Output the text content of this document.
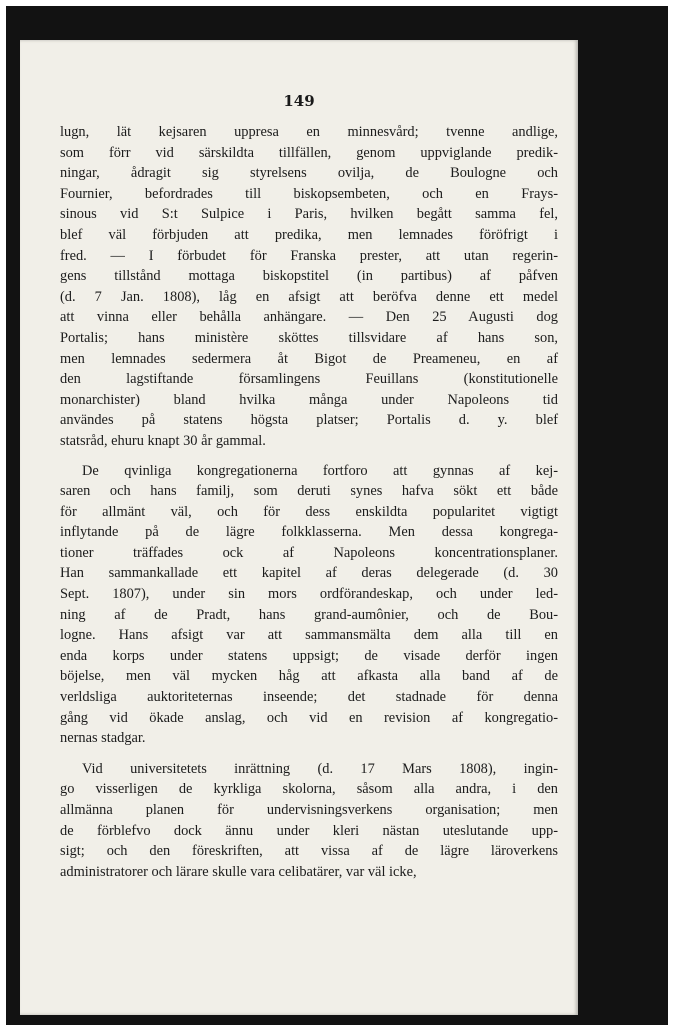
149

lugn, lät kejsaren uppresa en minnesvård; tvenne andlige,
som förr vid särskildta tillfällen, genom uppviglande predik-
ningar, ådragit sig styrelsens ovilja, de Boulogne och
Fournier, befordrades till biskopsembeten, och en Frays-
sinous vid S:t Sulpice i Paris, hvilken begått samma fel,
blef väl förbjuden att predika, men lemnades föröfrigt i
fred. — I förbudet för Franska prester, att utan regerin-
gens tillstånd mottaga biskopstitel (in partibus) af påfven
(d. 7 Jan. 1808), låg en afsigt att beröfva denne ett medel
att vinna eller behålla anhängare. — Den 25 Augusti dog
Portalis; hans ministère sköttes tillsvidare af hans son,
men lemnades sedermera åt Bigot de Preameneu, en af
den lagstiftande församlingens Feuillans (konstitutionelle
monarchister) bland hvilka många under Napoleons tid
användes på statens högsta platser; Portalis d. y. blef
statsråd, ehuru knapt 30 år gammal.

De qvinliga kongregationerna fortforo att gynnas af kej-
saren och hans familj, som deruti synes hafva sökt ett både
för allmänt väl, och för dess enskildta popularitet vigtigt
inflytande på de lägre folkklasserna. Men dessa kongrega-
tioner träffades ock af Napoleons koncentrationsplaner.
Han sammankallade ett kapitel af deras delegerade (d. 30
Sept. 1807), under sin mors ordförandeskap, och under led-
ning af de Pradt, hans grand-aumônier, och de Bou-
logne. Hans afsigt var att sammansmälta dem alla till en
enda korps under statens uppsigt; de visade derför ingen
böjelse, men väl mycken håg att afkasta alla band af de
verldsliga auktoriteternas inseende; det stadnade för denna
gång vid ökade anslag, och vid en revision af kongregatio-
nernas stadgar.

Vid universitetets inrättning (d. 17 Mars 1808), ingin-
go visserligen de kyrkliga skolorna, såsom alla andra, i den
allmänna planen för undervisningsverkens organisation; men
de förblefvo dock ännu under kleri nästan uteslutande upp-
sigt; och den föreskriften, att vissa af de lägre läroverkens
administratorer och lärare skulle vara celibatärer, var väl icke,
